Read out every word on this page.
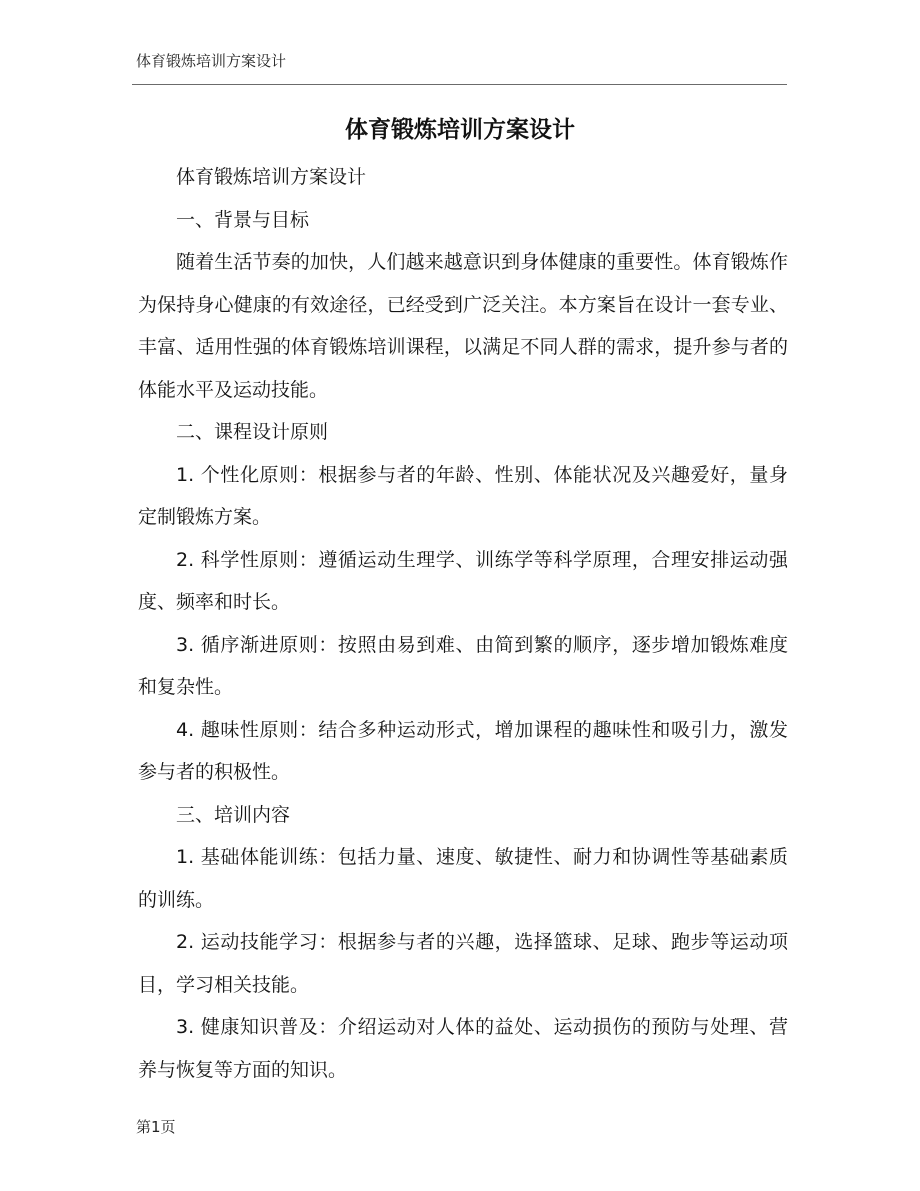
体育锻炼培训方案设计
体育锻炼培训方案设计

体育锻炼培训方案设计

一、背景与目标

随着生活节奏的加快，人们越来越意识到身体健康的重要性。体育锻炼作为保持身心健康的有效途径，已经受到广泛关注。本方案旨在设计一套专业、丰富、适用性强的体育锻炼培训课程，以满足不同人群的需求，提升参与者的体能水平及运动技能。

二、课程设计原则

1. 个性化原则：根据参与者的年龄、性别、体能状况及兴趣爱好，量身定制锻炼方案。

2. 科学性原则：遵循运动生理学、训练学等科学原理，合理安排运动强度、频率和时长。

3. 循序渐进原则：按照由易到难、由简到繁的顺序，逐步增加锻炼难度和复杂性。

4. 趣味性原则：结合多种运动形式，增加课程的趣味性和吸引力，激发参与者的积极性。

三、培训内容

1. 基础体能训练：包括力量、速度、敏捷性、耐力和协调性等基础素质的训练。

2. 运动技能学习：根据参与者的兴趣，选择篮球、足球、跑步等运动项目，学习相关技能。

3. 健康知识普及：介绍运动对人体的益处、运动损伤的预防与处理、营养与恢复等方面的知识。

第1页
